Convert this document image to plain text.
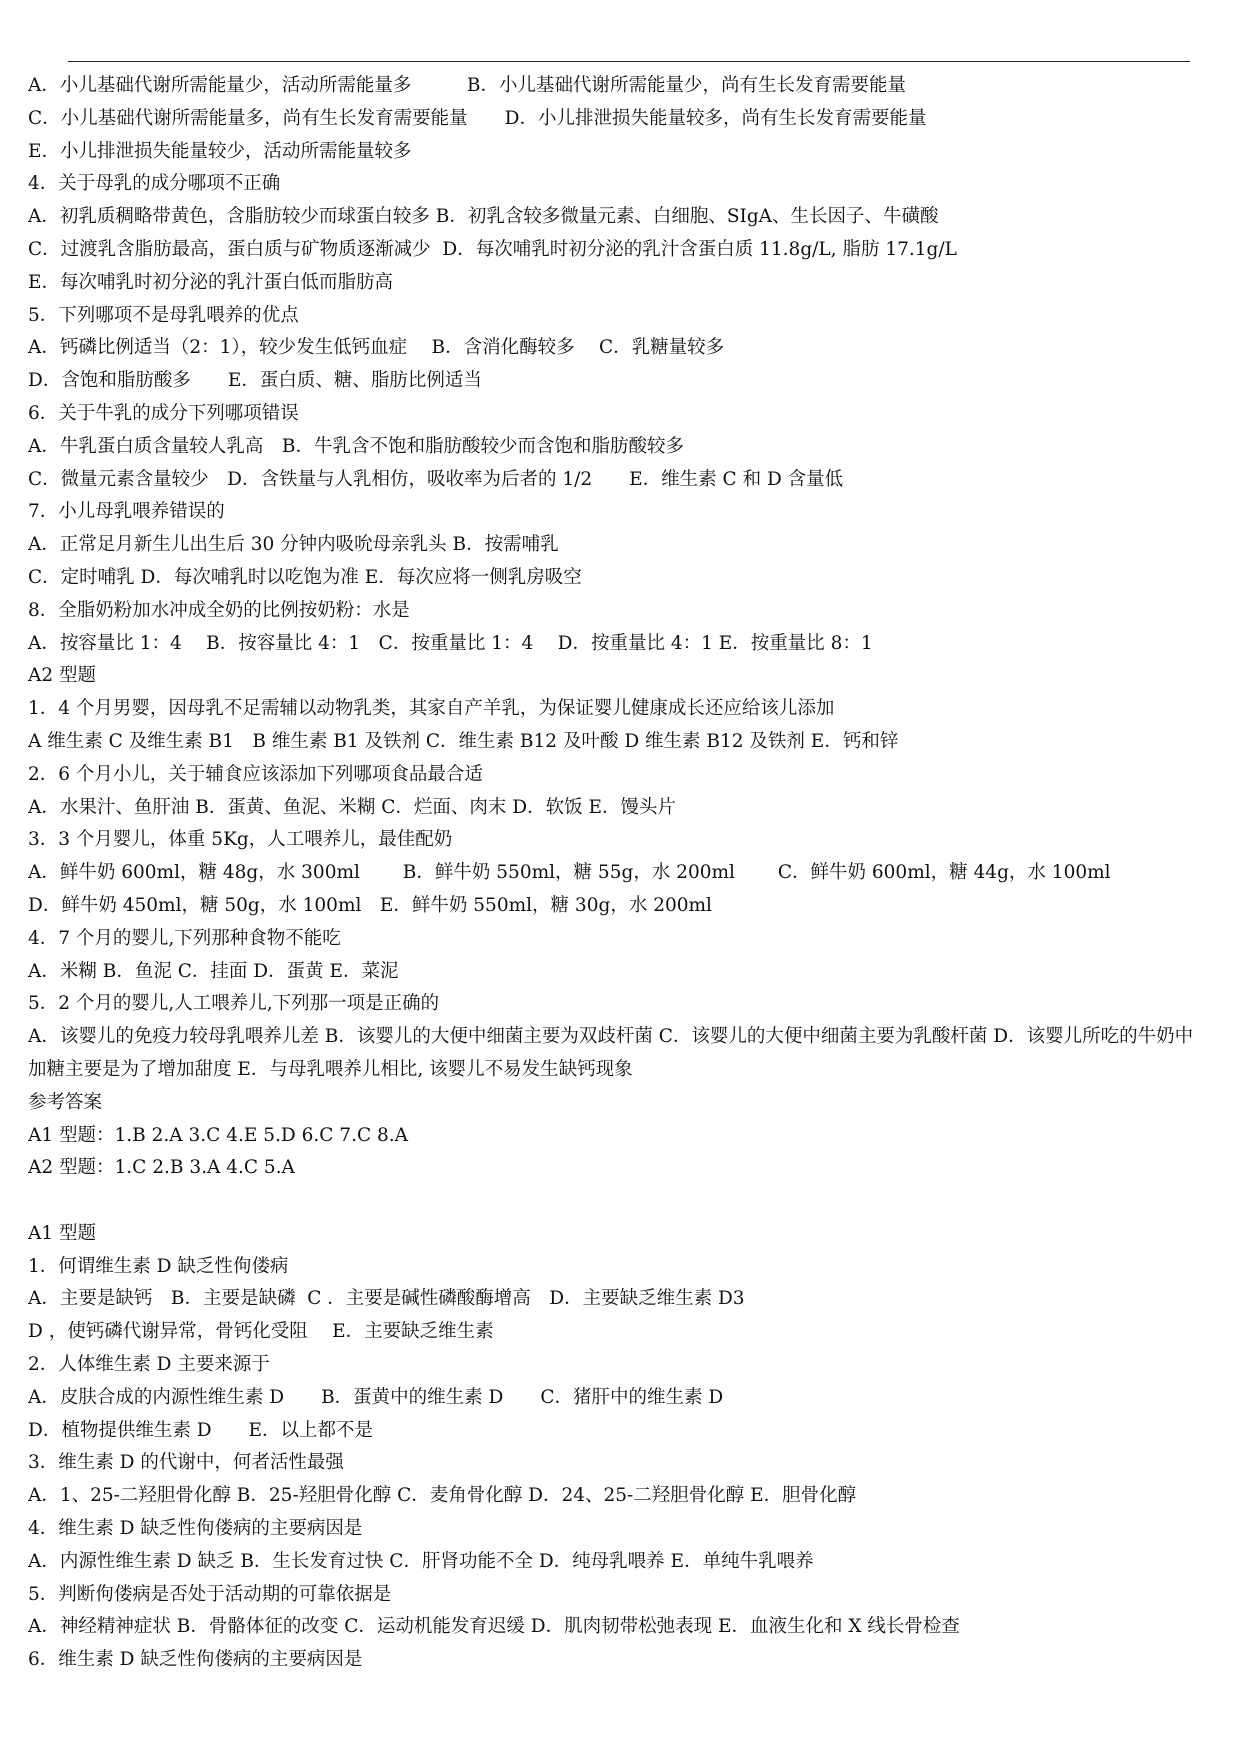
A．小儿基础代谢所需能量少，活动所需能量多　　　B．小儿基础代谢所需能量少，尚有生长发育需要能量
C．小儿基础代谢所需能量多，尚有生长发育需要能量　　D．小儿排泄损失能量较多，尚有生长发育需要能量
E．小儿排泄损失能量较少，活动所需能量较多
4．关于母乳的成分哪项不正确
A．初乳质稠略带黄色，含脂肪较少而球蛋白较多 B．初乳含较多微量元素、白细胞、SIgA、生长因子、牛磺酸
C．过渡乳含脂肪最高，蛋白质与矿物质逐渐减少  D．每次哺乳时初分泌的乳汁含蛋白质 11.8g/L, 脂肪 17.1g/L
E．每次哺乳时初分泌的乳汁蛋白低而脂肪高
5．下列哪项不是母乳喂养的优点
A．钙磷比例适当（2：1），较少发生低钙血症　 B．含消化酶较多　 C．乳糖量较多
D．含饱和脂肪酸多　　E．蛋白质、糖、脂肪比例适当
6．关于牛乳的成分下列哪项错误
A．牛乳蛋白质含量较人乳高　B．牛乳含不饱和脂肪酸较少而含饱和脂肪酸较多
C．微量元素含量较少　D．含铁量与人乳相仿，吸收率为后者的 1/2　　E．维生素 C 和 D 含量低
7．小儿母乳喂养错误的
A．正常足月新生儿出生后 30 分钟内吸吮母亲乳头 B．按需哺乳
C．定时哺乳 D．每次哺乳时以吃饱为准 E．每次应将一侧乳房吸空
8．全脂奶粉加水冲成全奶的比例按奶粉：水是
A．按容量比 1：4　 B．按容量比 4：1　C．按重量比 1：4　 D．按重量比 4：1 E．按重量比 8：1
A2 型题
1．4 个月男婴，因母乳不足需辅以动物乳类，其家自产羊乳，为保证婴儿健康成长还应给该儿添加
A 维生素 C 及维生素 B1　B 维生素 B1 及铁剂 C．维生素 B12 及叶酸 D 维生素 B12 及铁剂 E．钙和锌
2．6 个月小儿，关于辅食应该添加下列哪项食品最合适
A．水果汁、鱼肝油 B．蛋黄、鱼泥、米糊 C．烂面、肉末 D．软饭 E．馒头片
3．3 个月婴儿，体重 5Kg，人工喂养儿，最佳配奶
A．鲜牛奶 600ml，糖 48g，水 300ml　　 B．鲜牛奶 550ml，糖 55g，水 200ml　　 C．鲜牛奶 600ml，糖 44g，水 100ml
D．鲜牛奶 450ml，糖 50g，水 100ml　E．鲜牛奶 550ml，糖 30g，水 200ml
4．7 个月的婴儿,下列那种食物不能吃
A．米糊 B．鱼泥 C．挂面 D．蛋黄 E．菜泥
5．2 个月的婴儿,人工喂养儿,下列那一项是正确的
A．该婴儿的免疫力较母乳喂养儿差 B．该婴儿的大便中细菌主要为双歧杆菌 C．该婴儿的大便中细菌主要为乳酸杆菌 D．该婴儿所吃的牛奶中加糖主要是为了增加甜度 E．与母乳喂养儿相比, 该婴儿不易发生缺钙现象
参考答案
A1 型题：1.B 2.A 3.C 4.E 5.D 6.C 7.C 8.A
A2 型题：1.C 2.B 3.A 4.C 5.A

A1 型题
1．何谓维生素 D 缺乏性佝偻病
A．主要是缺钙　B．主要是缺磷  C ．主要是碱性磷酸酶增高　D．主要缺乏维生素 D3
D ，使钙磷代谢异常，骨钙化受阻　 E．主要缺乏维生素
2．人体维生素 D 主要来源于
A．皮肤合成的内源性维生素 D　　B．蛋黄中的维生素 D　　C．猪肝中的维生素 D
D．植物提供维生素 D　　E．以上都不是
3．维生素 D 的代谢中，何者活性最强
A．1、25-二羟胆骨化醇 B．25-羟胆骨化醇 C．麦角骨化醇 D．24、25-二羟胆骨化醇 E．胆骨化醇
4．维生素 D 缺乏性佝偻病的主要病因是
A．内源性维生素 D 缺乏 B．生长发育过快 C．肝肾功能不全 D．纯母乳喂养 E．单纯牛乳喂养
5．判断佝偻病是否处于活动期的可靠依据是
A．神经精神症状 B．骨骼体征的改变 C．运动机能发育迟缓 D．肌肉韧带松弛表现 E．血液生化和 X 线长骨检查
6．维生素 D 缺乏性佝偻病的主要病因是
